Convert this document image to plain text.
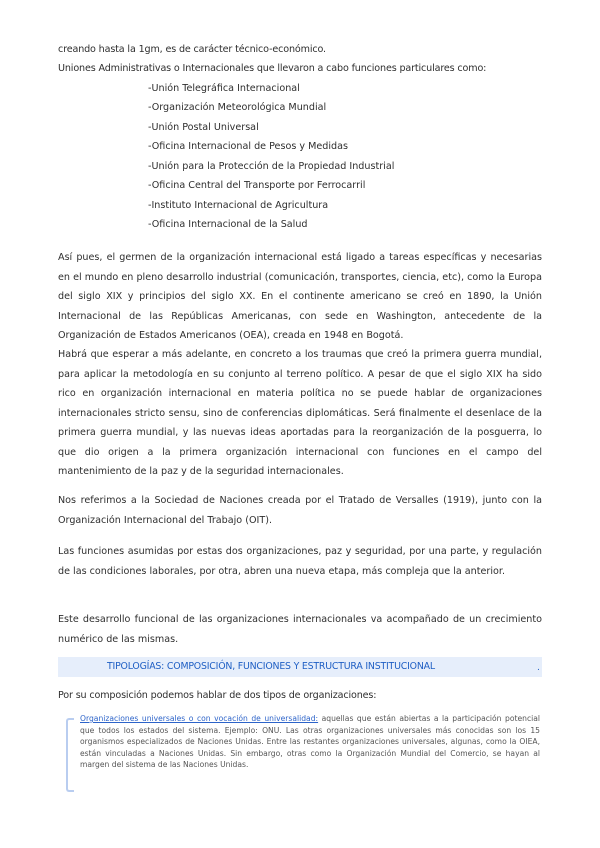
creando hasta la 1gm, es de carácter técnico-económico.
Uniones Administrativas o Internacionales que llevaron a cabo funciones particulares como:
-Unión Telegráfica Internacional
-Organización Meteorológica Mundial
-Unión Postal Universal
-Oficina Internacional de Pesos y Medidas
-Unión para la Protección de la Propiedad Industrial
-Oficina Central del Transporte por Ferrocarril
-Instituto Internacional de Agricultura
-Oficina Internacional de la Salud
Así pues, el germen de la organización internacional está ligado a tareas específicas y necesarias en el mundo en pleno desarrollo industrial (comunicación, transportes, ciencia, etc), como la Europa del siglo XIX y principios del siglo XX. En el continente americano se creó en 1890, la Unión Internacional de las Repúblicas Americanas, con sede en Washington, antecedente de la Organización de Estados Americanos (OEA), creada en 1948 en Bogotá.
Habrá que esperar a más adelante, en concreto a los traumas que creó la primera guerra mundial, para aplicar la metodología en su conjunto al terreno político. A pesar de que el siglo XIX ha sido rico en organización internacional en materia política no se puede hablar de organizaciones internacionales stricto sensu, sino de conferencias diplomáticas. Será finalmente el desenlace de la primera guerra mundial, y las nuevas ideas aportadas para la reorganización de la posguerra, lo que dio origen a la primera organización internacional con funciones en el campo del mantenimiento de la paz y de la seguridad internacionales.
Nos referimos a la Sociedad de Naciones creada por el Tratado de Versalles (1919), junto con la Organización Internacional del Trabajo (OIT).
Las funciones asumidas por estas dos organizaciones, paz y seguridad, por una parte, y regulación de las condiciones laborales, por otra, abren una nueva etapa, más compleja que la anterior.
Este desarrollo funcional de las organizaciones internacionales va acompañado de un crecimiento numérico de las mismas.
TIPOLOGÍAS: COMPOSICIÓN, FUNCIONES Y ESTRUCTURA INSTITUCIONAL	.
Por su composición podemos hablar de dos tipos de organizaciones:
Organizaciones universales o con vocación de universalidad: aquellas que están abiertas a la participación potencial que todos los estados del sistema. Ejemplo: ONU. Las otras organizaciones universales más conocidas son los 15 organismos especializados de Naciones Unidas. Entre las restantes organizaciones universales, algunas, como la OIEA, están vinculadas a Naciones Unidas. Sin embargo, otras como la Organización Mundial del Comercio, se hayan al margen del sistema de las Naciones Unidas.
